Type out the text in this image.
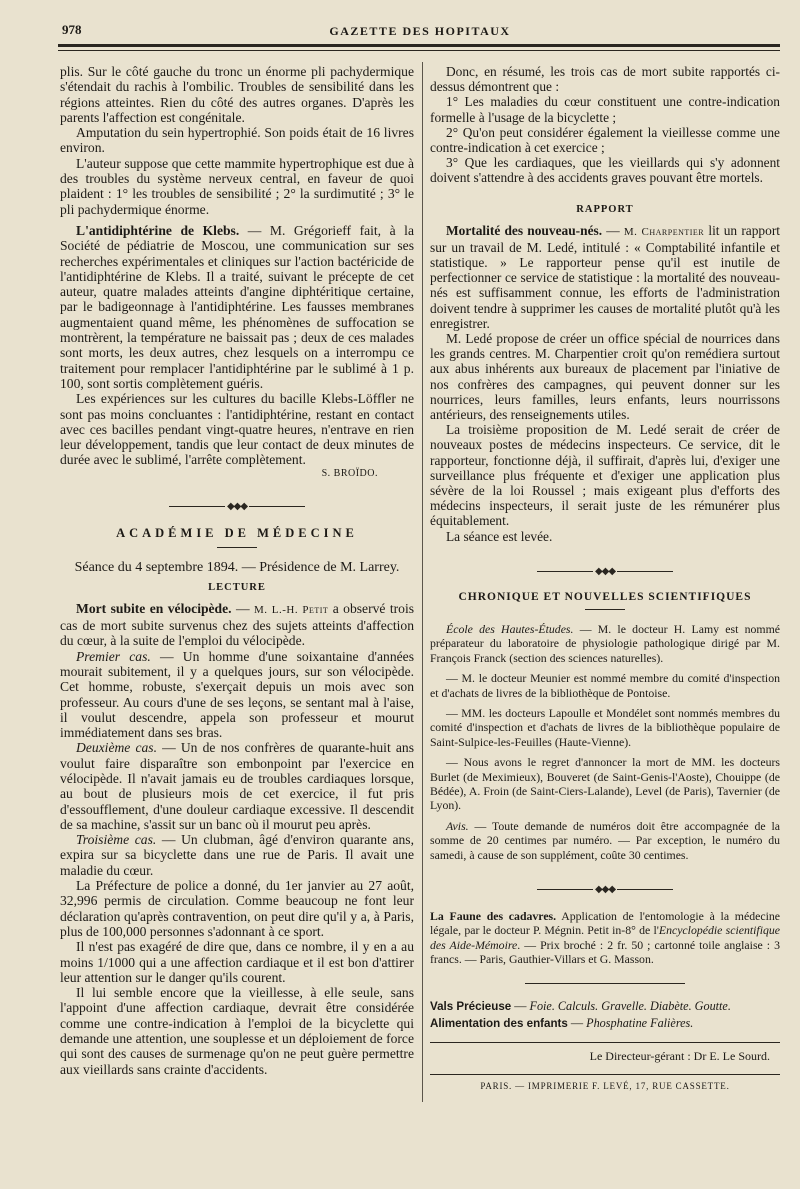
978	GAZETTE DES HOPITAUX

plis. Sur le côté gauche du tronc un énorme pli pachydermique s'étendait du rachis à l'ombilic. Troubles de sensibilité dans les régions atteintes. Rien du côté des autres organes. D'après les parents l'affection est congénitale.

Amputation du sein hypertrophié. Son poids était de 16 livres environ.

L'auteur suppose que cette mammite hypertrophique est due à des troubles du système nerveux central, en faveur de quoi plaident : 1° les troubles de sensibilité ; 2° la surdimutité ; 3° le pli pachydermique énorme.

L'antidiphtérine de Klebs. — M. Grégorieff fait, à la Société de pédiatrie de Moscou, une communication sur ses recherches expérimentales et cliniques sur l'action bactéricide de l'antidiphtérine de Klebs. Il a traité, suivant le précepte de cet auteur, quatre malades atteints d'angine diphtéritique certaine, par le badigeonnage à l'antidiphtérine. Les fausses membranes augmentaient quand même, les phénomènes de suffocation se montrèrent, la température ne baissait pas ; deux de ces malades sont morts, les deux autres, chez lesquels on a interrompu ce traitement pour remplacer l'antidiphtérine par le sublimé à 1 p. 100, sont sortis complètement guéris.

Les expériences sur les cultures du bacille Klebs-Löffler ne sont pas moins concluantes : l'antidiphtérine, restant en contact avec ces bacilles pendant vingt-quatre heures, n'entrave en rien leur développement, tandis que leur contact de deux minutes de durée avec le sublimé, l'arrête complètement.

S. BROÏDO.
◆◆◆
ACADÉMIE DE MÉDECINE
Séance du 4 septembre 1894. — Présidence de M. Larrey.
LECTURE

Mort subite en vélocipède. — M. L.-H. Petit a observé trois cas de mort subite survenus chez des sujets atteints d'affection du cœur, à la suite de l'emploi du vélocipède.

Premier cas. — Un homme d'une soixantaine d'années mourait subitement, il y a quelques jours, sur son vélocipède. Cet homme, robuste, s'exerçait depuis un mois avec son professeur. Au cours d'une de ses leçons, se sentant mal à l'aise, il voulut descendre, appela son professeur et mourut immédiatement dans ses bras.

Deuxième cas. — Un de nos confrères de quarante-huit ans voulut faire disparaître son embonpoint par l'exercice en vélocipède. Il n'avait jamais eu de troubles cardiaques lorsque, au bout de plusieurs mois de cet exercice, il fut pris d'essoufflement, d'une douleur cardiaque excessive. Il descendit de sa machine, s'assit sur un banc où il mourut peu après.

Troisième cas. — Un clubman, âgé d'environ quarante ans, expira sur sa bicyclette dans une rue de Paris. Il avait une maladie du cœur.

La Préfecture de police a donné, du 1er janvier au 27 août, 32,996 permis de circulation. Comme beaucoup ne font leur déclaration qu'après contravention, on peut dire qu'il y a, à Paris, plus de 100,000 personnes s'adonnant à ce sport.

Il n'est pas exagéré de dire que, dans ce nombre, il y en a au moins 1/1000 qui a une affection cardiaque et il est bon d'attirer leur attention sur le danger qu'ils courent.

Il lui semble encore que la vieillesse, à elle seule, sans l'appoint d'une affection cardiaque, devrait être considérée comme une contre-indication à l'emploi de la bicyclette qui demande une attention, une souplesse et un déploiement de force qui sont des causes de surmenage qu'on ne peut guère permettre aux vieillards sans crainte d'accidents.

Donc, en résumé, les trois cas de mort subite rapportés ci-dessus démontrent que :

1° Les maladies du cœur constituent une contre-indication formelle à l'usage de la bicyclette ;

2° Qu'on peut considérer également la vieillesse comme une contre-indication à cet exercice ;

3° Que les cardiaques, que les vieillards qui s'y adonnent doivent s'attendre à des accidents graves pouvant être mortels.

RAPPORT

Mortalité des nouveau-nés. — M. Charpentier lit un rapport sur un travail de M. Ledé, intitulé : « Comptabilité infantile et statistique. » Le rapporteur pense qu'il est inutile de perfectionner ce service de statistique : la mortalité des nouveau-nés est suffisamment connue, les efforts de l'administration doivent tendre à supprimer les causes de mortalité plutôt qu'à les enregistrer.

M. Ledé propose de créer un office spécial de nourrices dans les grands centres. M. Charpentier croit qu'on remédiera surtout aux abus inhérents aux bureaux de placement par l'iniative de nos confrères des campagnes, qui peuvent donner sur les nourrices, leurs familles, leurs enfants, leurs nourrissons antérieurs, des renseignements utiles.

La troisième proposition de M. Ledé serait de créer de nouveaux postes de médecins inspecteurs. Ce service, dit le rapporteur, fonctionne déjà, il suffirait, d'après lui, d'exiger une surveillance plus fréquente et d'exiger une application plus sévère de la loi Roussel ; mais exigeant plus d'efforts des médecins inspecteurs, il serait juste de les rémunérer plus équitablement.

La séance est levée.

◆◆◆
CHRONIQUE ET NOUVELLES SCIENTIFIQUES

École des Hautes-Études. — M. le docteur H. Lamy est nommé préparateur du laboratoire de physiologie pathologique dirigé par M. François Franck (section des sciences naturelles).

— M. le docteur Meunier est nommé membre du comité d'inspection et d'achats de livres de la bibliothèque de Pontoise.

— MM. les docteurs Lapoulle et Mondélet sont nommés membres du comité d'inspection et d'achats de livres de la bibliothèque populaire de Saint-Sulpice-les-Feuilles (Haute-Vienne).

— Nous avons le regret d'annoncer la mort de MM. les docteurs Burlet (de Meximieux), Bouveret (de Saint-Genis-l'Aoste), Chouippe (de Bédée), A. Froin (de Saint-Ciers-Lalande), Level (de Paris), Tavernier (de Lyon).

Avis. — Toute demande de numéros doit être accompagnée de la somme de 20 centimes par numéro. — Par exception, le numéro du samedi, à cause de son supplément, coûte 30 centimes.

◆◆◆

La Faune des cadavres. Application de l'entomologie à la médecine légale, par le docteur P. Mégnin. Petit in-8° de l'Encyclopédie scientifique des Aide-Mémoire. — Prix broché : 2 fr. 50 ; cartonné toile anglaise : 3 francs. — Paris, Gauthier-Villars et G. Masson.

Vals Précieuse — Foie. Calculs. Gravelle. Diabète. Goutte.

Alimentation des enfants — Phosphatine Falières.

Le Directeur-gérant : Dr E. Le Sourd.
PARIS. — IMPRIMERIE F. LEVÉ, 17, RUE CASSETTE.
